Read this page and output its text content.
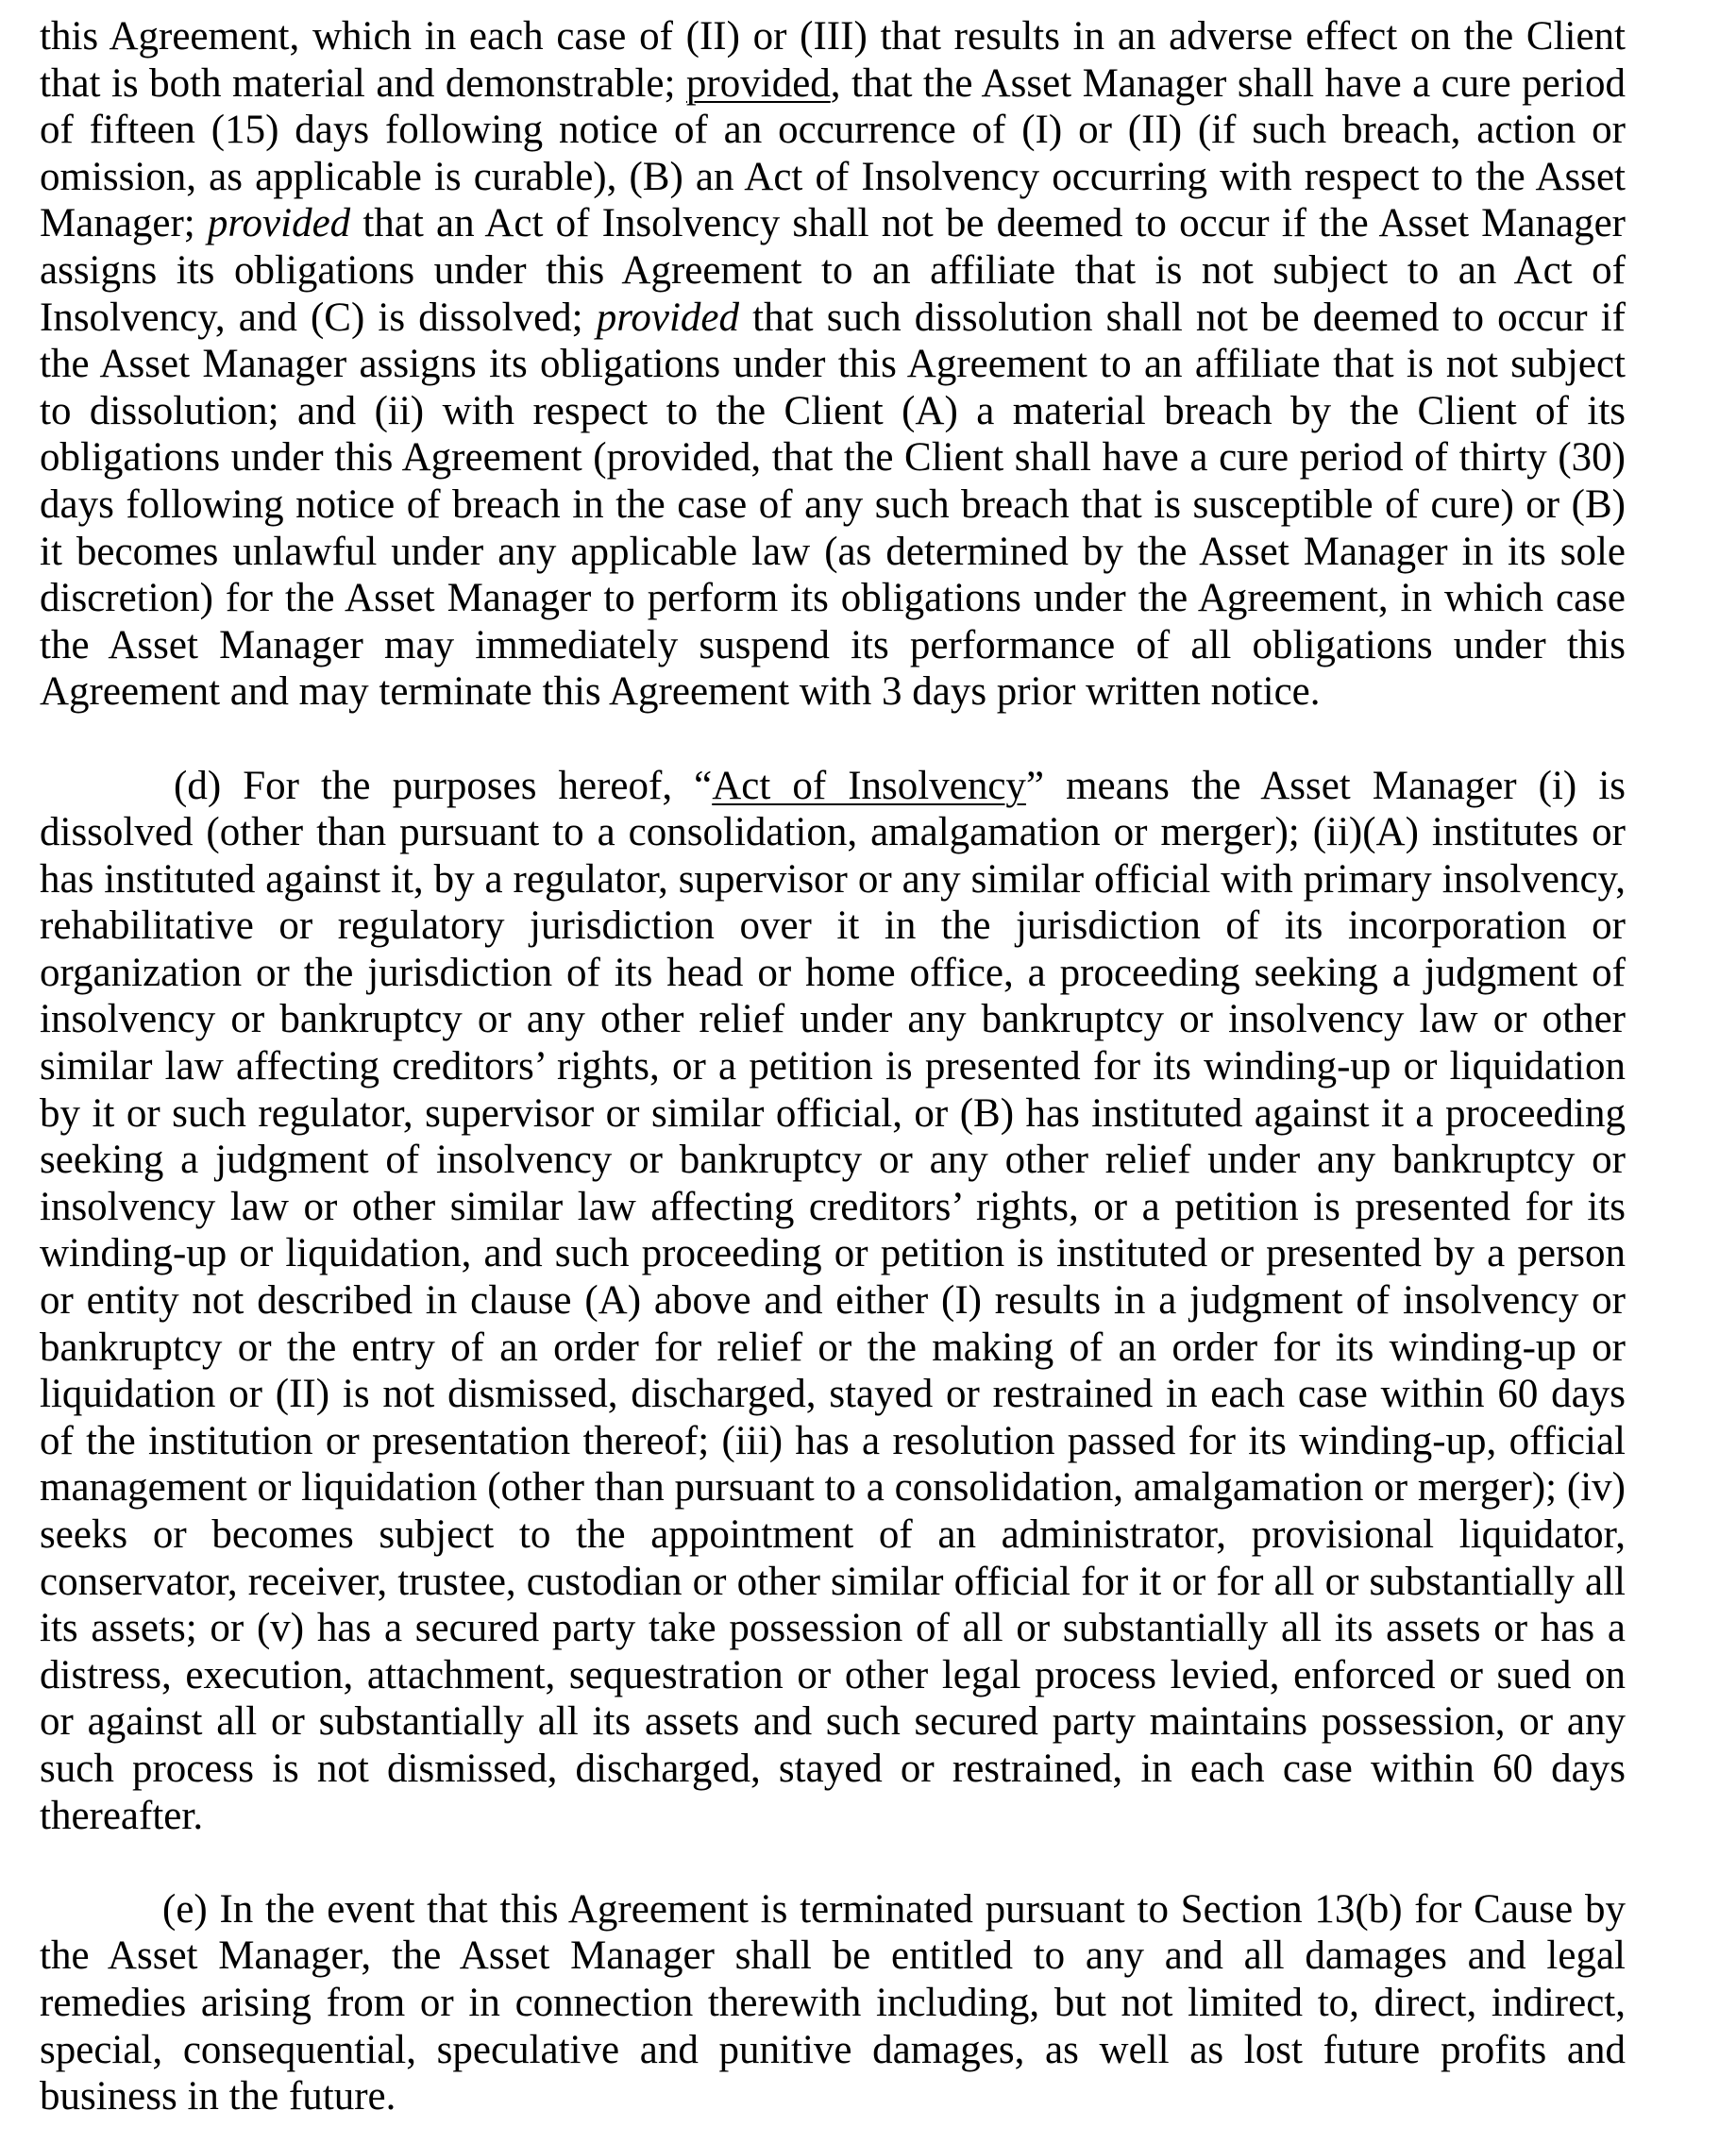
this Agreement, which in each case of (II) or (III) that results in an adverse effect on the Client that is both material and demonstrable; provided, that the Asset Manager shall have a cure period of fifteen (15) days following notice of an occurrence of (I) or (II) (if such breach, action or omission, as applicable is curable), (B) an Act of Insolvency occurring with respect to the Asset Manager; provided that an Act of Insolvency shall not be deemed to occur if the Asset Manager assigns its obligations under this Agreement to an affiliate that is not subject to an Act of Insolvency, and (C) is dissolved; provided that such dissolution shall not be deemed to occur if the Asset Manager assigns its obligations under this Agreement to an affiliate that is not subject to dissolution; and (ii) with respect to the Client (A) a material breach by the Client of its obligations under this Agreement (provided, that the Client shall have a cure period of thirty (30) days following notice of breach in the case of any such breach that is susceptible of cure) or (B) it becomes unlawful under any applicable law (as determined by the Asset Manager in its sole discretion) for the Asset Manager to perform its obligations under the Agreement, in which case the Asset Manager may immediately suspend its performance of all obligations under this Agreement and may terminate this Agreement with 3 days prior written notice.

(d) For the purposes hereof, “Act of Insolvency” means the Asset Manager (i) is dissolved (other than pursuant to a consolidation, amalgamation or merger); (ii)(A) institutes or has instituted against it, by a regulator, supervisor or any similar official with primary insolvency, rehabilitative or regulatory jurisdiction over it in the jurisdiction of its incorporation or organization or the jurisdiction of its head or home office, a proceeding seeking a judgment of insolvency or bankruptcy or any other relief under any bankruptcy or insolvency law or other similar law affecting creditors’ rights, or a petition is presented for its winding-up or liquidation by it or such regulator, supervisor or similar official, or (B) has instituted against it a proceeding seeking a judgment of insolvency or bankruptcy or any other relief under any bankruptcy or insolvency law or other similar law affecting creditors’ rights, or a petition is presented for its winding-up or liquidation, and such proceeding or petition is instituted or presented by a person or entity not described in clause (A) above and either (I) results in a judgment of insolvency or bankruptcy or the entry of an order for relief or the making of an order for its winding-up or liquidation or (II) is not dismissed, discharged, stayed or restrained in each case within 60 days of the institution or presentation thereof; (iii) has a resolution passed for its winding-up, official management or liquidation (other than pursuant to a consolidation, amalgamation or merger); (iv) seeks or becomes subject to the appointment of an administrator, provisional liquidator, conservator, receiver, trustee, custodian or other similar official for it or for all or substantially all its assets; or (v) has a secured party take possession of all or substantially all its assets or has a distress, execution, attachment, sequestration or other legal process levied, enforced or sued on or against all or substantially all its assets and such secured party maintains possession, or any such process is not dismissed, discharged, stayed or restrained, in each case within 60 days thereafter.

(e) In the event that this Agreement is terminated pursuant to Section 13(b) for Cause by the Asset Manager, the Asset Manager shall be entitled to any and all damages and legal remedies arising from or in connection therewith including, but not limited to, direct, indirect, special, consequential, speculative and punitive damages, as well as lost future profits and business in the future.
